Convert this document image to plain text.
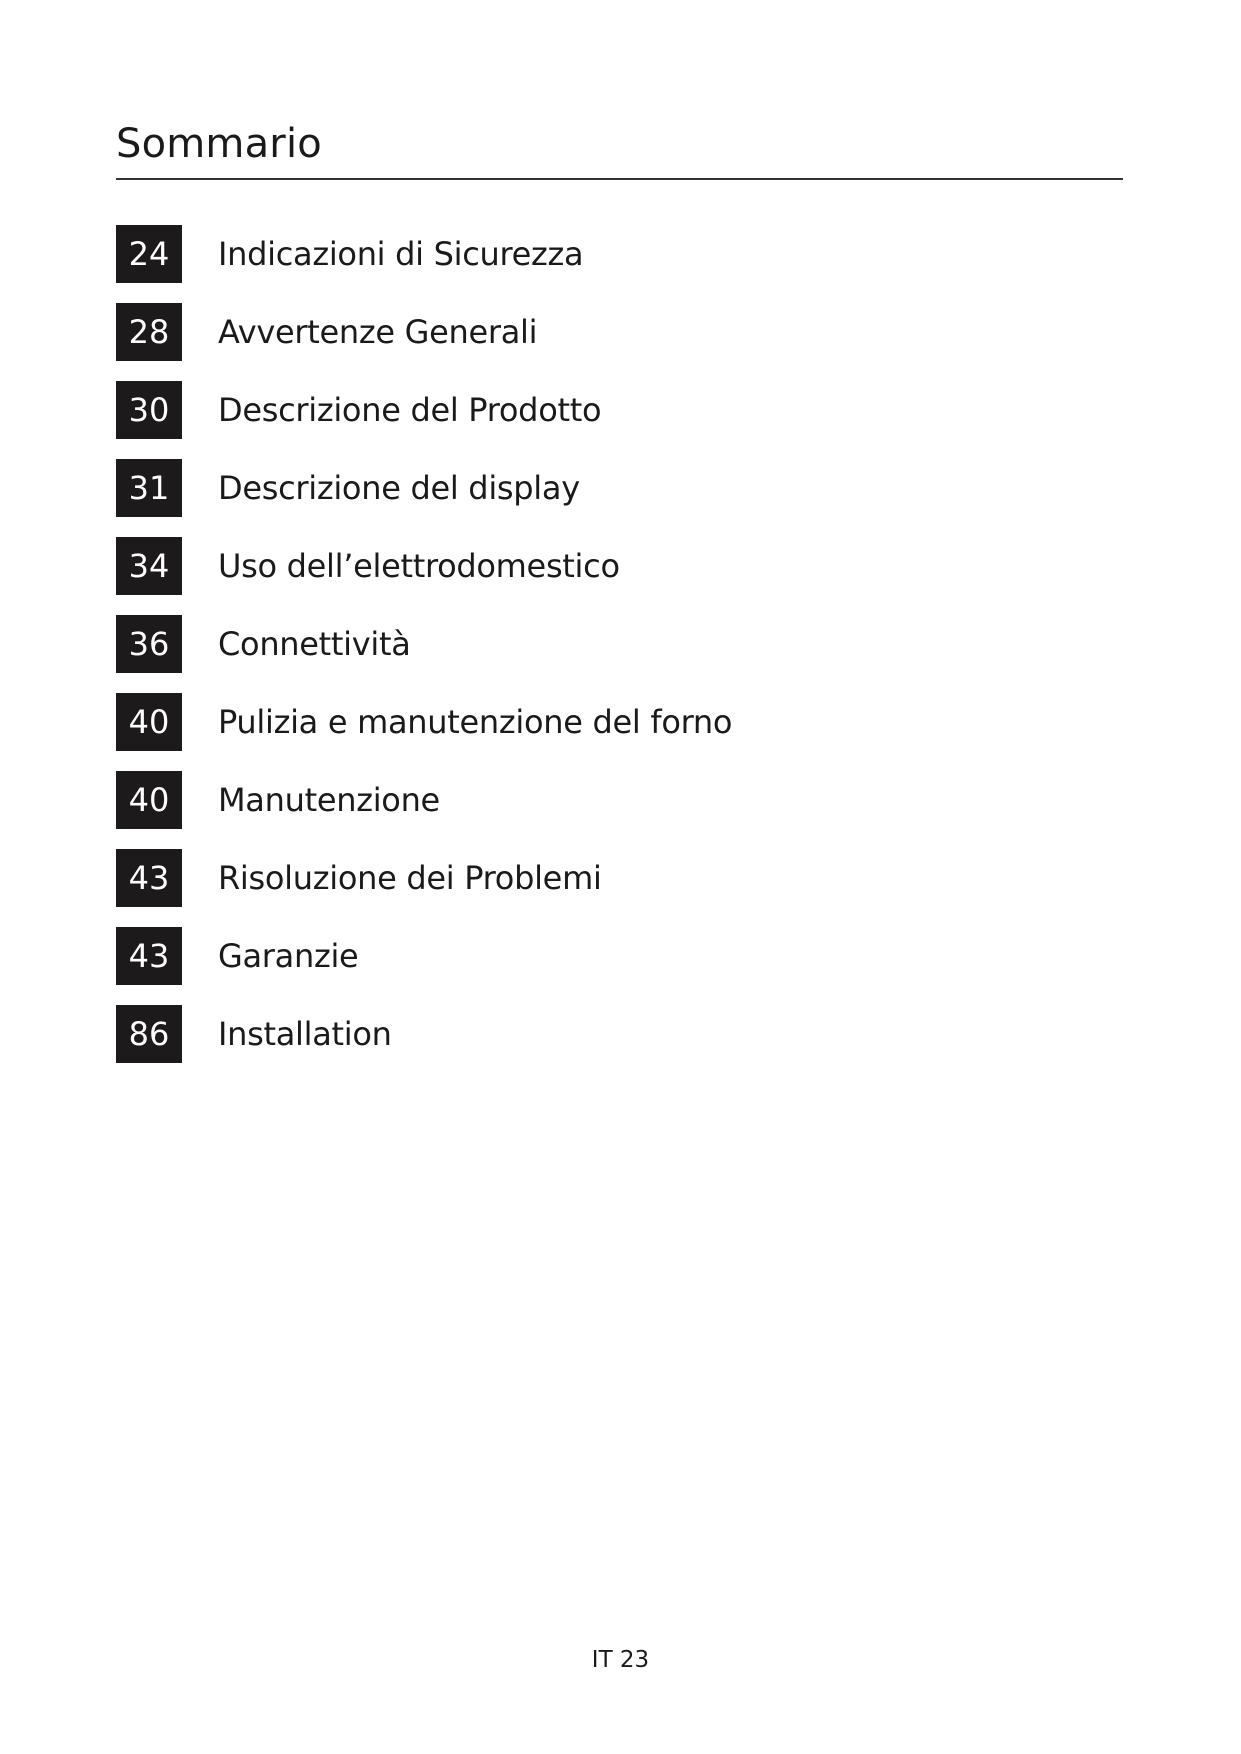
Sommario
24	Indicazioni di Sicurezza
28	Avvertenze Generali
30	Descrizione del Prodotto
31	Descrizione del display
34	Uso dell’elettrodomestico
36	Connettività
40	Pulizia e manutenzione del forno
40	Manutenzione
43	Risoluzione dei Problemi
43	Garanzie
86	Installation
IT 23
